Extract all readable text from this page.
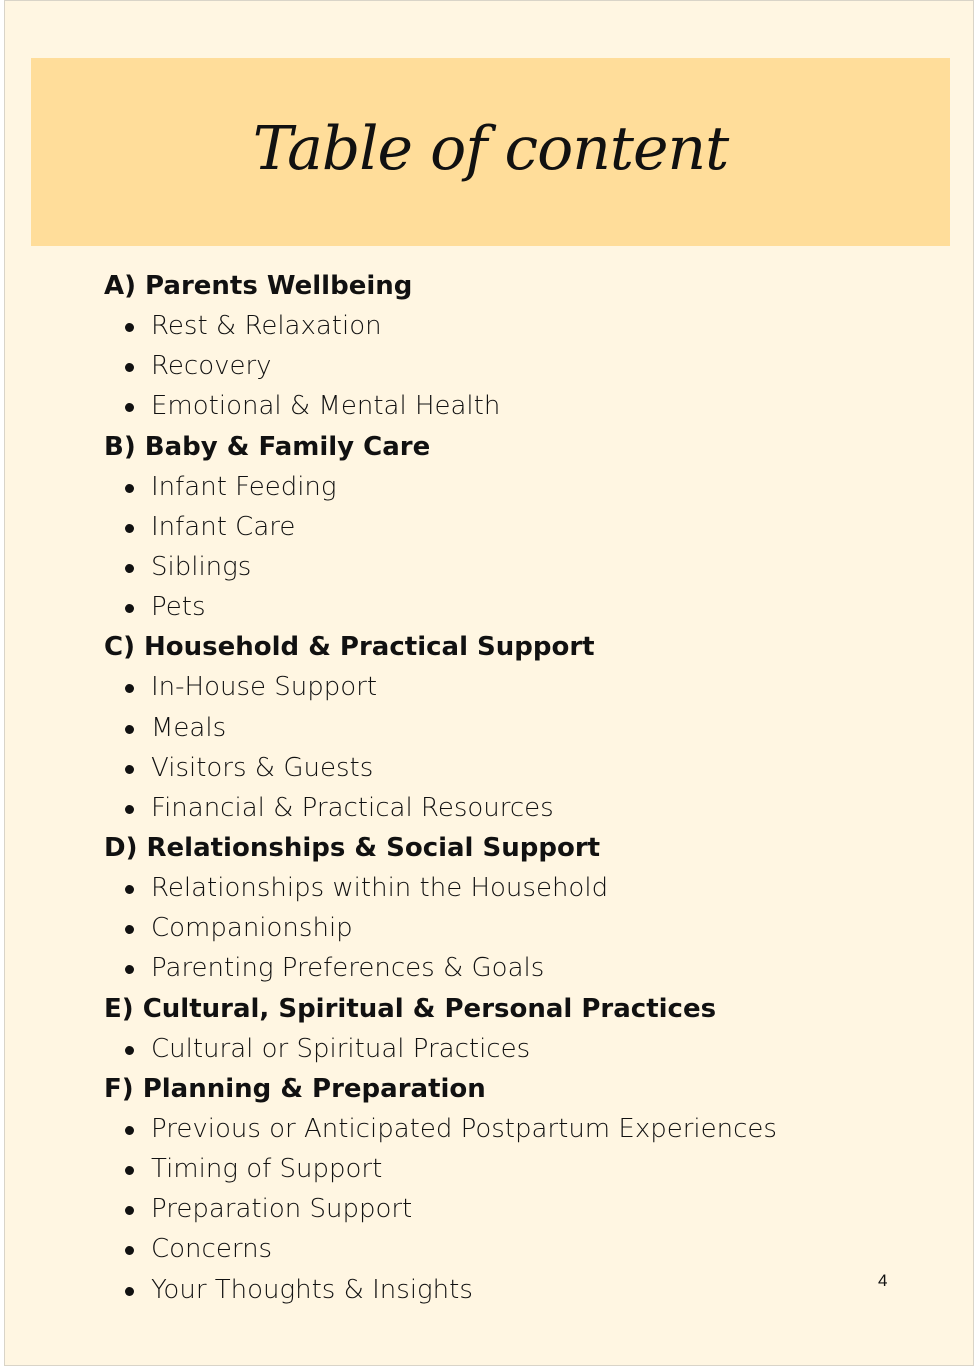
Table of content
A) Parents Wellbeing
Rest & Relaxation
Recovery
Emotional & Mental Health
B) Baby & Family Care
Infant Feeding
Infant Care
Siblings
Pets
C) Household & Practical Support
In-House Support
Meals
Visitors & Guests
Financial & Practical Resources
D) Relationships & Social Support
Relationships within the Household
Companionship
Parenting Preferences & Goals
E) Cultural, Spiritual & Personal Practices
Cultural or Spiritual Practices
F) Planning & Preparation
Previous or Anticipated Postpartum Experiences
Timing of Support
Preparation Support
Concerns
Your Thoughts & Insights	4
